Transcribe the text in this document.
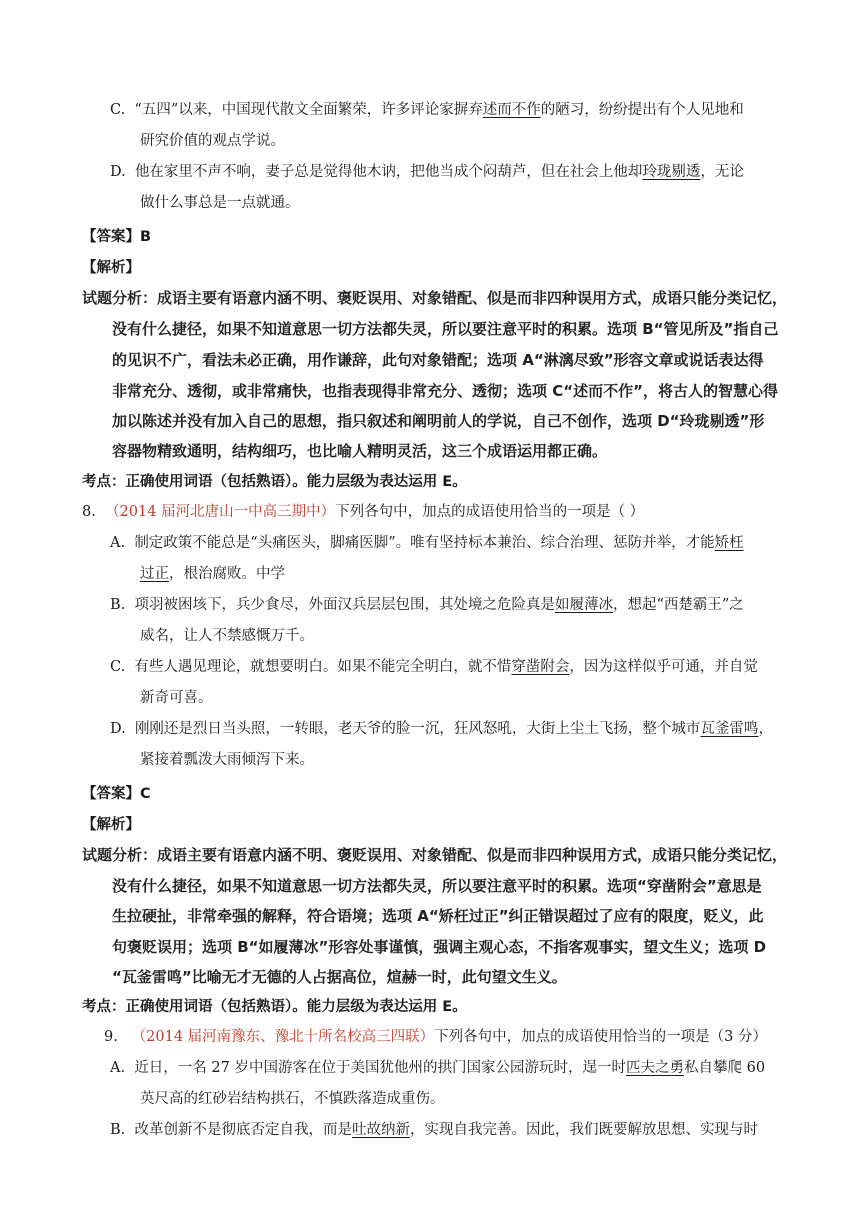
C. “五四”以来，中国现代散文全面繁荣，许多评论家摒弃述而不作的陋习，纷纷提出有个人见地和
研究价值的观点学说。
D. 他在家里不声不响，妻子总是觉得他木讷，把他当成个闷葫芦，但在社会上他却玲珑剔透，无论
做什么事总是一点就通。
【答案】B
【解析】
试题分析：成语主要有语意内涵不明、褒贬误用、对象错配、似是而非四种误用方式，成语只能分类记忆，
没有什么捷径，如果不知道意思一切方法都失灵，所以要注意平时的积累。选项 B“管见所及”指自己
的见识不广，看法未必正确，用作谦辞，此句对象错配；选项 A“淋漓尽致”形容文章或说话表达得
非常充分、透彻，或非常痛快，也指表现得非常充分、透彻；选项 C“述而不作”，将古人的智慧心得
加以陈述并没有加入自己的思想，指只叙述和阐明前人的学说，自己不创作，选项 D“玲珑剔透”形
容器物精致通明，结构细巧，也比喻人精明灵活，这三个成语运用都正确。
考点：正确使用词语（包括熟语）。能力层级为表达运用 E。
8. （2014 届河北唐山一中高三期中）下列各句中，加点的成语使用恰当的一项是（ ）
A. 制定政策不能总是“头痛医头，脚痛医脚”。唯有坚持标本兼治、综合治理、惩防并举，才能矫枉
过正，根治腐败。中学
B. 项羽被困垓下，兵少食尽，外面汉兵层层包围，其处境之危险真是如履薄冰，想起“西楚霸王”之
威名，让人不禁感慨万千。
C. 有些人遇见理论，就想要明白。如果不能完全明白，就不惜穿凿附会，因为这样似乎可通，并自觉
新奇可喜。
D. 刚刚还是烈日当头照，一转眼，老天爷的脸一沉，狂风怒吼，大街上尘土飞扬，整个城市瓦釜雷鸣，
紧接着瓢泼大雨倾泻下来。
【答案】C
【解析】
试题分析：成语主要有语意内涵不明、褒贬误用、对象错配、似是而非四种误用方式，成语只能分类记忆，
没有什么捷径，如果不知道意思一切方法都失灵，所以要注意平时的积累。选项“穿凿附会”意思是
生拉硬扯，非常牵强的解释，符合语境；选项 A“矫枉过正”纠正错误超过了应有的限度，贬义，此
句褒贬误用；选项 B“如履薄冰”形容处事谨慎，强调主观心态，不指客观事实，望文生义；选项 D
“瓦釜雷鸣”比喻无才无德的人占据高位，煊赫一时，此句望文生义。
考点：正确使用词语（包括熟语）。能力层级为表达运用 E。
9. （2014 届河南豫东、豫北十所名校高三四联）下列各句中，加点的成语使用恰当的一项是（3 分）
A. 近日，一名 27 岁中国游客在位于美国犹他州的拱门国家公园游玩时，逞一时匹夫之勇私自攀爬 60
英尺高的红砂岩结构拱石，不慎跌落造成重伤。
B. 改革创新不是彻底否定自我，而是吐故纳新，实现自我完善。因此，我们既要解放思想、实现与时
